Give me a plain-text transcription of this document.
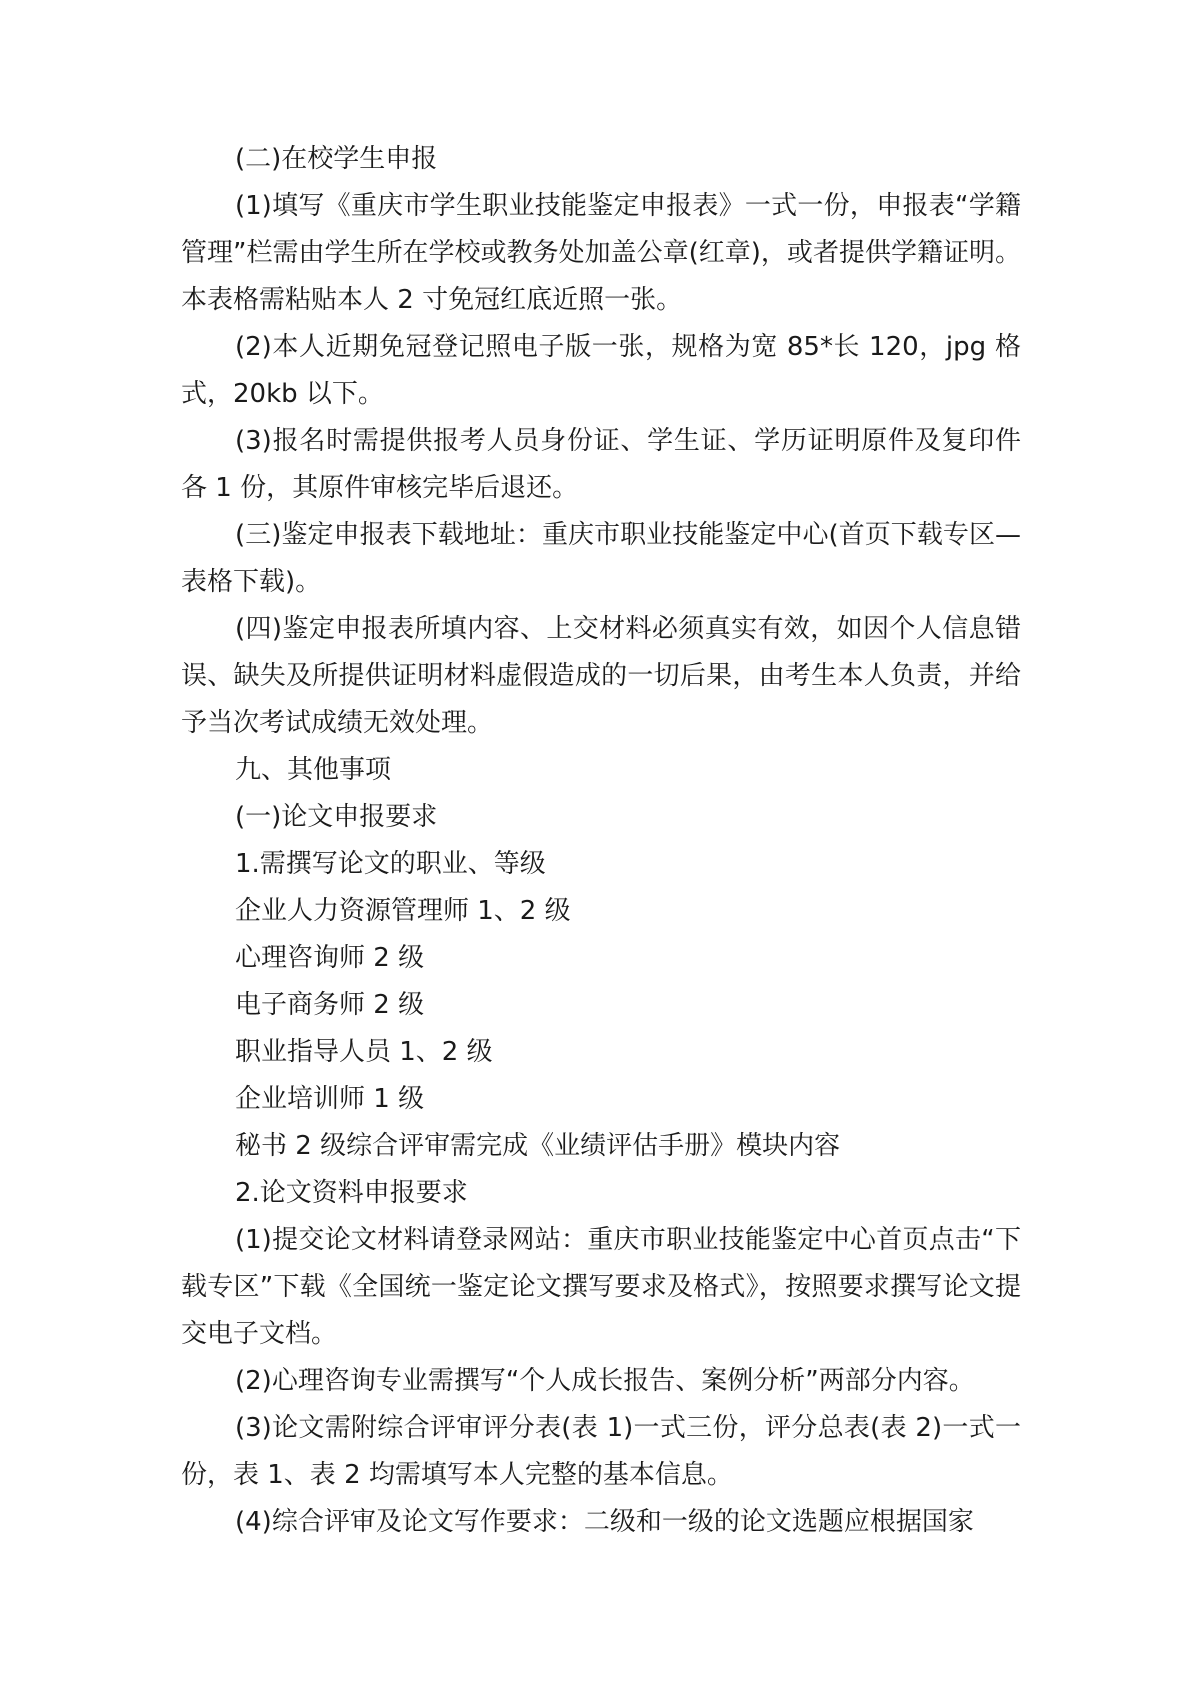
(二)在校学生申报

(1)填写《重庆市学生职业技能鉴定申报表》一式一份，申报表“学籍管理”栏需由学生所在学校或教务处加盖公章(红章)，或者提供学籍证明。本表格需粘贴本人 2 寸免冠红底近照一张。

(2)本人近期免冠登记照电子版一张，规格为宽 85*长 120，jpg 格式，20kb 以下。

(3)报名时需提供报考人员身份证、学生证、学历证明原件及复印件各 1 份，其原件审核完毕后退还。

(三)鉴定申报表下载地址：重庆市职业技能鉴定中心(首页下载专区—表格下载)。

(四)鉴定申报表所填内容、上交材料必须真实有效，如因个人信息错误、缺失及所提供证明材料虚假造成的一切后果，由考生本人负责，并给予当次考试成绩无效处理。

九、其他事项

(一)论文申报要求

1.需撰写论文的职业、等级

企业人力资源管理师 1、2 级

心理咨询师 2 级

电子商务师 2 级

职业指导人员 1、2 级

企业培训师 1 级

秘书 2 级综合评审需完成《业绩评估手册》模块内容

2.论文资料申报要求

(1)提交论文材料请登录网站：重庆市职业技能鉴定中心首页点击“下载专区”下载《全国统一鉴定论文撰写要求及格式》，按照要求撰写论文提交电子文档。

(2)心理咨询专业需撰写“个人成长报告、案例分析”两部分内容。

(3)论文需附综合评审评分表(表 1)一式三份，评分总表(表 2)一式一份，表 1、表 2 均需填写本人完整的基本信息。

(4)综合评审及论文写作要求：二级和一级的论文选题应根据国家
